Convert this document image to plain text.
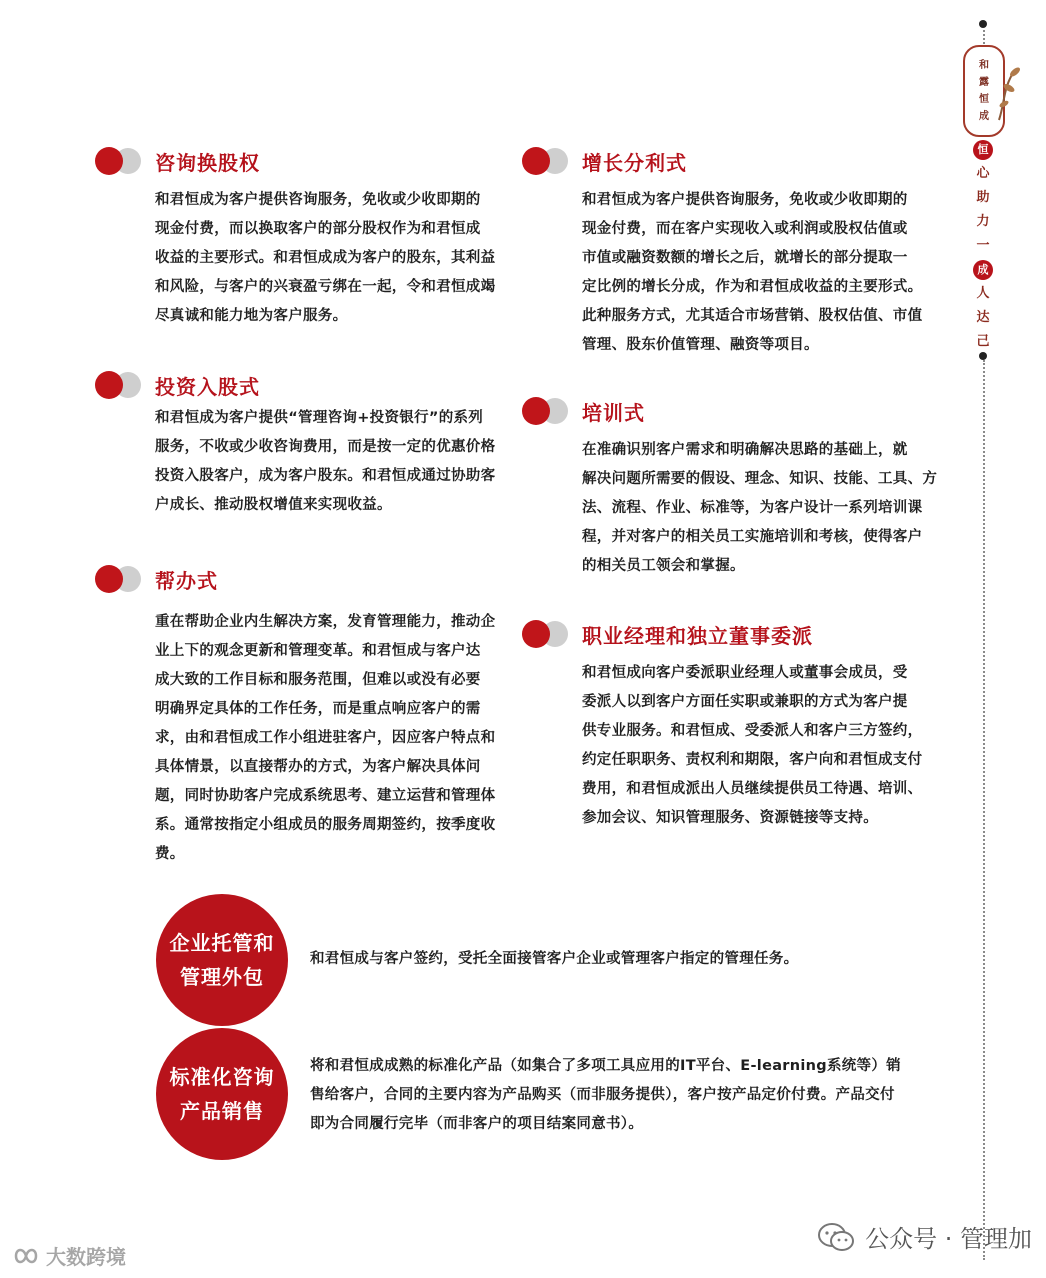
和
露
恒
成
恒
心
助
力
一
成
人
达
己
咨询换股权
和君恒成为客户提供咨询服务，免收或少收即期的
现金付费，而以换取客户的部分股权作为和君恒成
收益的主要形式。和君恒成成为客户的股东，其利益
和风险，与客户的兴衰盈亏绑在一起，令和君恒成竭
尽真诚和能力地为客户服务。
增长分利式
和君恒成为客户提供咨询服务，免收或少收即期的
现金付费，而在客户实现收入或利润或股权估值或
市值或融资数额的增长之后，就增长的部分提取一
定比例的增长分成，作为和君恒成收益的主要形式。
此种服务方式，尤其适合市场营销、股权估值、市值
管理、股东价值管理、融资等项目。
投资入股式
和君恒成为客户提供“管理咨询+投资银行”的系列
服务，不收或少收咨询费用，而是按一定的优惠价格
投资入股客户，成为客户股东。和君恒成通过协助客
户成长、推动股权增值来实现收益。
培训式
在准确识别客户需求和明确解决思路的基础上，就
解决问题所需要的假设、理念、知识、技能、工具、方
法、流程、作业、标准等，为客户设计一系列培训课
程，并对客户的相关员工实施培训和考核，使得客户
的相关员工领会和掌握。
帮办式
重在帮助企业内生解决方案，发育管理能力，推动企
业上下的观念更新和管理变革。和君恒成与客户达
成大致的工作目标和服务范围，但难以或没有必要
明确界定具体的工作任务，而是重点响应客户的需
求，由和君恒成工作小组进驻客户，因应客户特点和
具体情景，以直接帮办的方式，为客户解决具体问
题，同时协助客户完成系统思考、建立运营和管理体
系。通常按指定小组成员的服务周期签约，按季度收
费。
职业经理和独立董事委派
和君恒成向客户委派职业经理人或董事会成员，受
委派人以到客户方面任实职或兼职的方式为客户提
供专业服务。和君恒成、受委派人和客户三方签约，
约定任职职务、责权利和期限，客户向和君恒成支付
费用，和君恒成派出人员继续提供员工待遇、培训、
参加会议、知识管理服务、资源链接等支持。
企业托管和
管理外包
和君恒成与客户签约，受托全面接管客户企业或管理客户指定的管理任务。
标准化咨询
产品销售
将和君恒成成熟的标准化产品（如集合了多项工具应用的IT平台、E-learning系统等）销
售给客户，合同的主要内容为产品购买（而非服务提供），客户按产品定价付费。产品交付
即为合同履行完毕（而非客户的项目结案同意书）。
公众号 · 管理加
大数跨境
